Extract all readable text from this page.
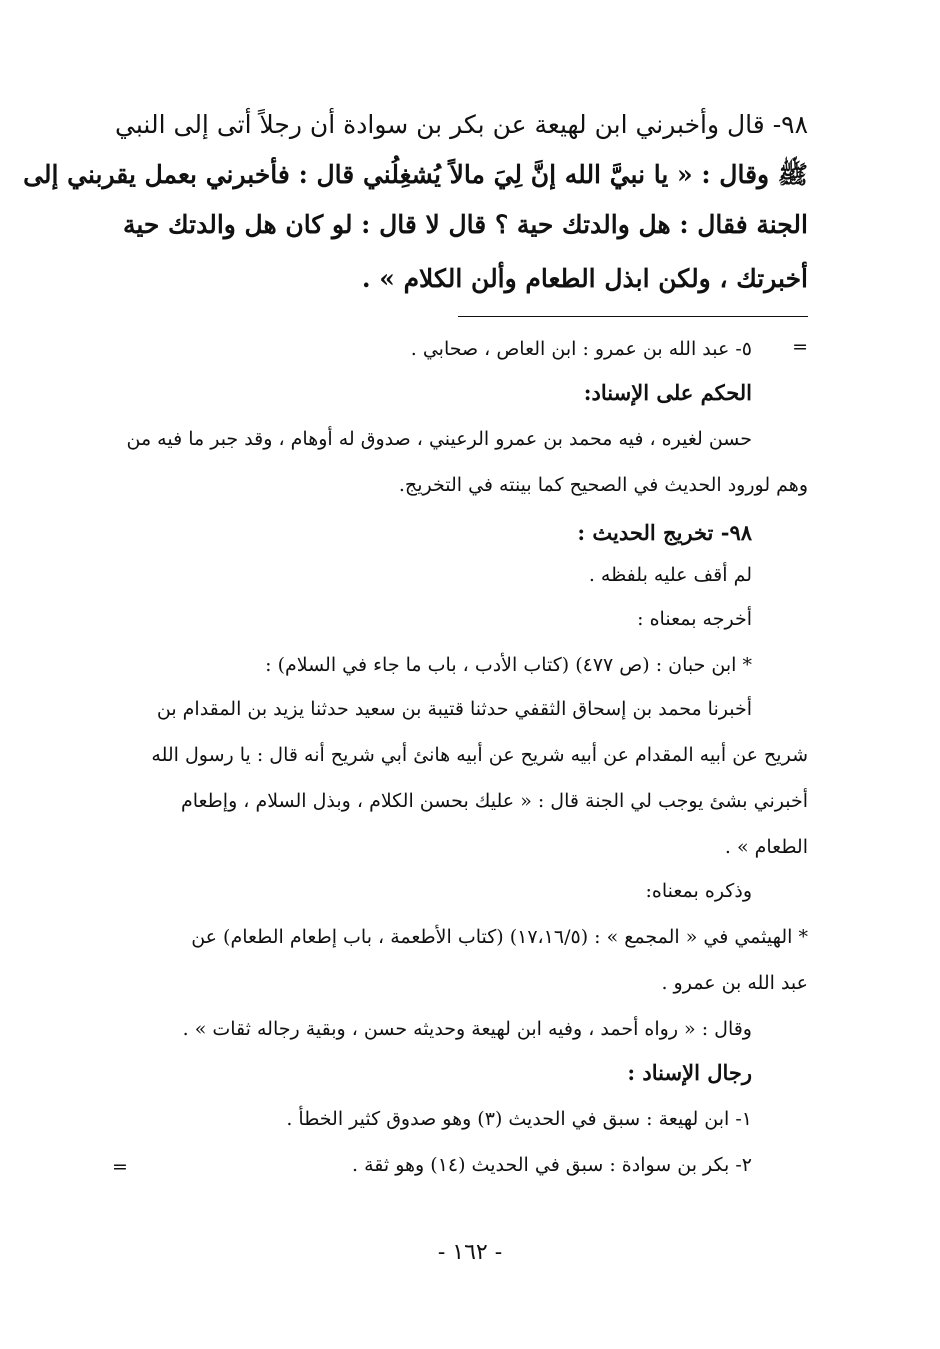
٩٨- قال وأخبرني ابن لهيعة عن بكر بن سوادة أن رجلاً أتى إلى النبي
ﷺ وقال : « يا نبيَّ الله إنَّ لِيَ مالاً يُشغِلُني قال : فأخبرني بعمل يقربني إلى
الجنة فقال : هل والدتك حية ؟ قال لا قال : لو كان هل والدتك حية
أخبرتك ، ولكن ابذل الطعام وألن الكلام » .
=
٥- عبد الله بن عمرو : ابن العاص ، صحابي .
الحكم على الإسناد:
حسن لغيره ، فيه محمد بن عمرو الرعيني ، صدوق له أوهام ، وقد جبر ما فيه من
وهم لورود الحديث في الصحيح كما بينته في التخريج.
٩٨- تخريج الحديث :
لم أقف عليه بلفظه .
أخرجه بمعناه :
* ابن حبان : (ص ٤٧٧) (كتاب الأدب ، باب ما جاء في السلام) :
أخبرنا محمد بن إسحاق الثقفي حدثنا قتيبة بن سعيد حدثنا يزيد بن المقدام بن
شريح عن أبيه المقدام عن أبيه شريح عن أبيه هانئ أبي شريح أنه قال : يا رسول الله
أخبرني بشئ يوجب لي الجنة قال : « عليك بحسن الكلام ، وبذل السلام ، وإطعام
الطعام » .
وذكره بمعناه:
* الهيثمي في « المجمع » : (١٧،١٦/٥) (كتاب الأطعمة ، باب إطعام الطعام) عن
عبد الله بن عمرو .
وقال : « رواه أحمد ، وفيه ابن لهيعة وحديثه حسن ، وبقية رجاله ثقات » .
رجال الإسناد :
١- ابن لهيعة : سبق في الحديث (٣) وهو صدوق كثير الخطأ .
٢- بكر بن سوادة : سبق في الحديث (١٤) وهو ثقة .
=
- ١٦٢ -
